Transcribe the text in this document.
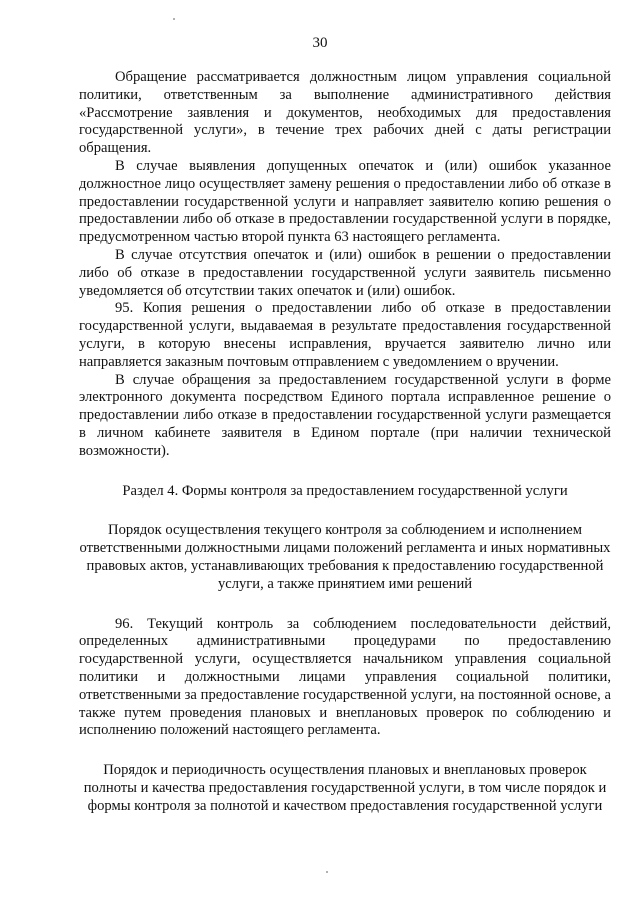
30

Обращение рассматривается должностным лицом управления социальной политики, ответственным за выполнение административного действия «Рассмотрение заявления и документов, необходимых для предоставления государственной услуги», в течение трех рабочих дней с даты регистрации обращения.

В случае выявления допущенных опечаток и (или) ошибок указанное должностное лицо осуществляет замену решения о предоставлении либо об отказе в предоставлении государственной услуги и направляет заявителю копию решения о предоставлении либо об отказе в предоставлении государственной услуги в порядке, предусмотренном частью второй пункта 63 настоящего регламента.

В случае отсутствия опечаток и (или) ошибок в решении о предоставлении либо об отказе в предоставлении государственной услуги заявитель письменно уведомляется об отсутствии таких опечаток и (или) ошибок.

95. Копия решения о предоставлении либо об отказе в предоставлении государственной услуги, выдаваемая в результате предоставления государственной услуги, в которую внесены исправления, вручается заявителю лично или направляется заказным почтовым отправлением с уведомлением о вручении.

В случае обращения за предоставлением государственной услуги в форме электронного документа посредством Единого портала исправленное решение о предоставлении либо отказе в предоставлении государственной услуги размещается в личном кабинете заявителя в Едином портале (при наличии технической возможности).

Раздел 4. Формы контроля за предоставлением государственной услуги

Порядок осуществления текущего контроля за соблюдением и исполнением ответственными должностными лицами положений регламента и иных нормативных правовых актов, устанавливающих требования к предоставлению государственной услуги, а также принятием ими решений

96. Текущий контроль за соблюдением последовательности действий, определенных административными процедурами по предоставлению государственной услуги, осуществляется начальником управления социальной политики и должностными лицами управления социальной политики, ответственными за предоставление государственной услуги, на постоянной основе, а также путем проведения плановых и внеплановых проверок по соблюдению и исполнению положений настоящего регламента.

Порядок и периодичность осуществления плановых и внеплановых проверок полноты и качества предоставления государственной услуги, в том числе порядок и формы контроля за полнотой и качеством предоставления государственной услуги
